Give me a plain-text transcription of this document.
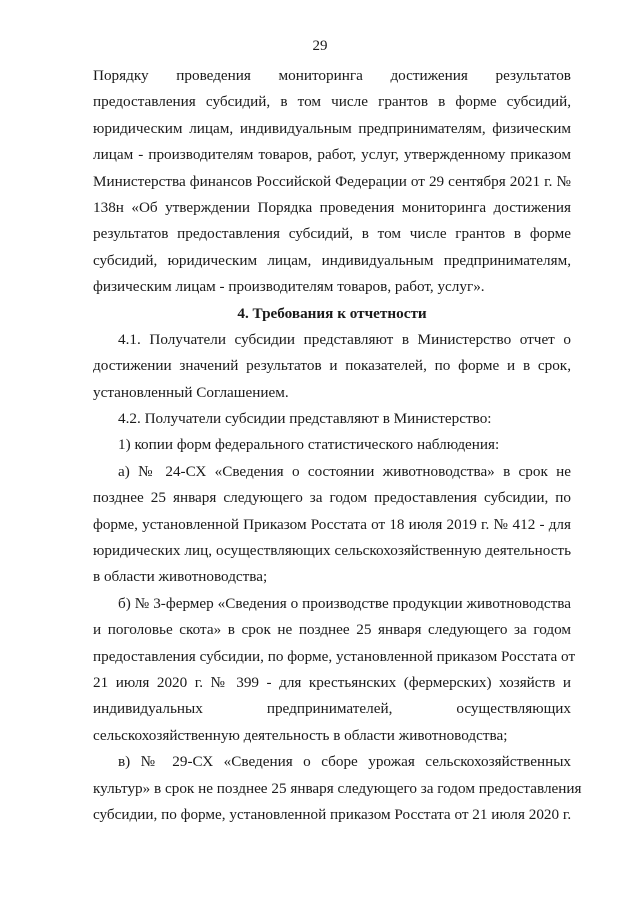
29
Порядку проведения мониторинга достижения результатов
предоставления субсидий, в том числе грантов в форме субсидий,
юридическим лицам, индивидуальным предпринимателям, физическим
лицам - производителям товаров, работ, услуг, утвержденному приказом
Министерства финансов Российской Федерации от 29 сентября 2021 г. №
138н «Об утверждении Порядка проведения мониторинга достижения
результатов предоставления субсидий, в том числе грантов в форме
субсидий, юридическим лицам, индивидуальным предпринимателям,
физическим лицам - производителям товаров, работ, услуг».
4. Требования к отчетности
4.1. Получатели субсидии представляют в Министерство отчет о
достижении значений результатов и показателей, по форме и в срок,
установленный Соглашением.
4.2. Получатели субсидии представляют в Министерство:
1) копии форм федерального статистического наблюдения:
а) № 24-СХ «Сведения о состоянии животноводства» в срок не
позднее 25 января следующего за годом предоставления субсидии, по
форме, установленной Приказом Росстата от 18 июля 2019 г. № 412 - для
юридических лиц, осуществляющих сельскохозяйственную деятельность
в области животноводства;
б) № 3-фермер «Сведения о производстве продукции животноводства
и поголовье скота» в срок не позднее 25 января следующего за годом
предоставления субсидии, по форме, установленной приказом Росстата от
21 июля 2020 г. № 399 - для крестьянских (фермерских) хозяйств и
индивидуальных	предпринимателей,	осуществляющих
сельскохозяйственную деятельность в области животноводства;
в) № 29-СХ «Сведения о сборе урожая сельскохозяйственных
культур» в срок не позднее 25 января следующего за годом предоставления
субсидии, по форме, установленной приказом Росстата от 21 июля 2020 г.
